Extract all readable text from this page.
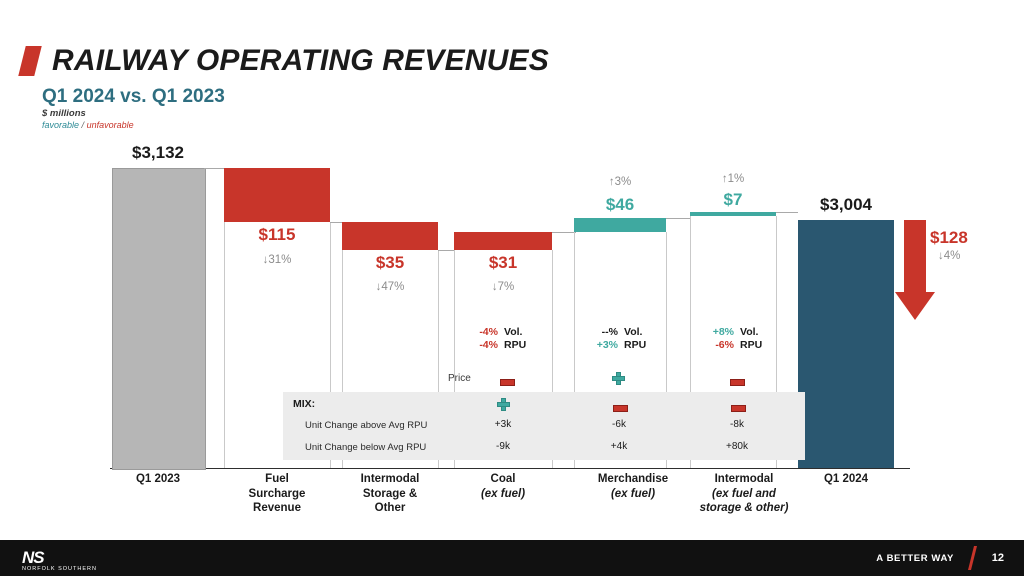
RAILWAY OPERATING REVENUES
Q1 2024 vs. Q1 2023
$ millions
favorable / unfavorable
$3,132
$115
↓31%	$35
↓47%
$31
↓7%
$46
↑3%
$7
↑1%
$3,004
$128
↓4%
-4% Vol.
-4% RPU
--% Vol.
+3% RPU
+8% Vol.
-6% RPU
Price
MIX:
Unit Change above Avg RPU	+3k	-6k	-8k
Unit Change below Avg RPU	-9k	+4k	+80k
Q1 2023	Fuel
Surcharge
Revenue
Intermodal
Storage &
Other
Coal
(ex fuel)
Merchandise
(ex fuel)
Intermodal
(ex fuel and
storage & other)
Q1 2024
NS
NORFOLK SOUTHERN
A BETTER WAY	12
